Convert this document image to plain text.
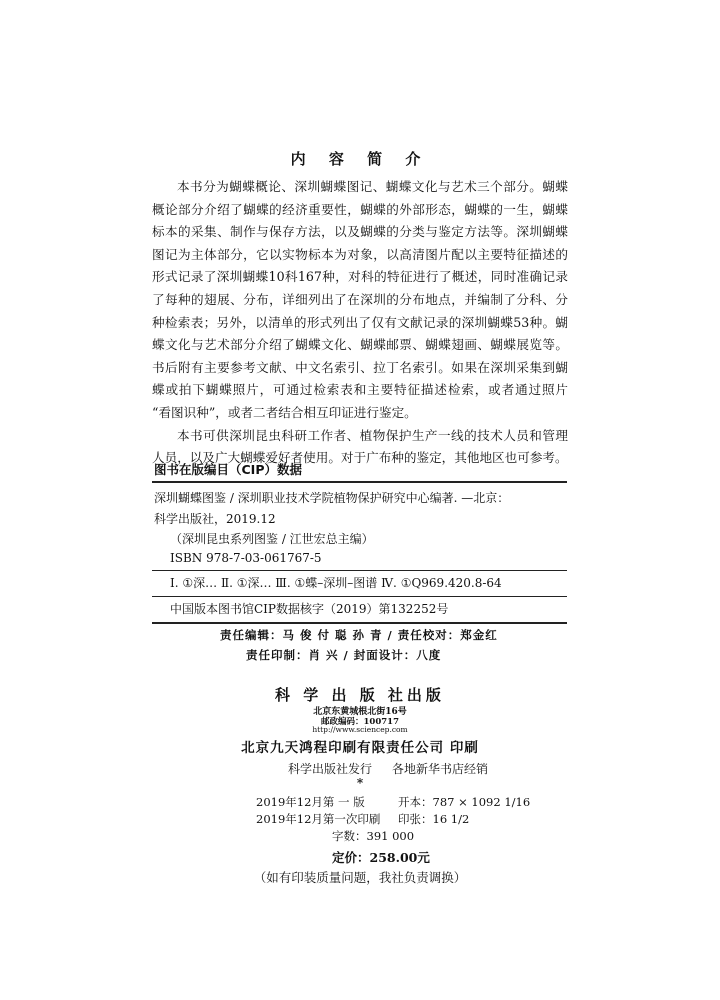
内 容 简 介

本书分为蝴蝶概论、深圳蝴蝶图记、蝴蝶文化与艺术三个部分。蝴蝶

概论部分介绍了蝴蝶的经济重要性，蝴蝶的外部形态，蝴蝶的一生，蝴蝶

标本的采集、制作与保存方法，以及蝴蝶的分类与鉴定方法等。深圳蝴蝶

图记为主体部分，它以实物标本为对象，以高清图片配以主要特征描述的

形式记录了深圳蝴蝶10科167种，对科的特征进行了概述，同时准确记录

了每种的翅展、分布，详细列出了在深圳的分布地点，并编制了分科、分

种检索表；另外，以清单的形式列出了仅有文献记录的深圳蝴蝶53种。蝴

蝶文化与艺术部分介绍了蝴蝶文化、蝴蝶邮票、蝴蝶翅画、蝴蝶展览等。

书后附有主要参考文献、中文名索引、拉丁名索引。如果在深圳采集到蝴

蝶或拍下蝴蝶照片，可通过检索表和主要特征描述检索，或者通过照片

“看图识种”，或者二者结合相互印证进行鉴定。

本书可供深圳昆虫科研工作者、植物保护生产一线的技术人员和管理

人员，以及广大蝴蝶爱好者使用。对于广布种的鉴定，其他地区也可参考。

图书在版编目（CIP）数据
深圳蝴蝶图鉴 / 深圳职业技术学院植物保护研究中心编著. —北京：
科学出版社，2019.12
（深圳昆虫系列图鉴 / 江世宏总主编）
ISBN 978-7-03-061767-5
Ⅰ. ①深… Ⅱ. ①深… Ⅲ. ①蝶–深圳–图谱 Ⅳ. ①Q969.420.8-64
中国版本图书馆CIP数据核字（2019）第132252号
责任编辑：马 俊 付 聪 孙 青 / 责任校对：郑金红
责任印制：肖 兴 / 封面设计：八度
科 学 出 版 社出版
北京东黄城根北街16号
邮政编码：100717
http://www.sciencep.com
北京九天鸿程印刷有限责任公司 印刷
科学出版社发行 各地新华书店经销
*
2019年12月第 一 版	开本：787 × 1092 1/16
2019年12月第一次印刷 印张：16 1/2
字数：391 000
定价：258.00元
（如有印装质量问题，我社负责调换）
